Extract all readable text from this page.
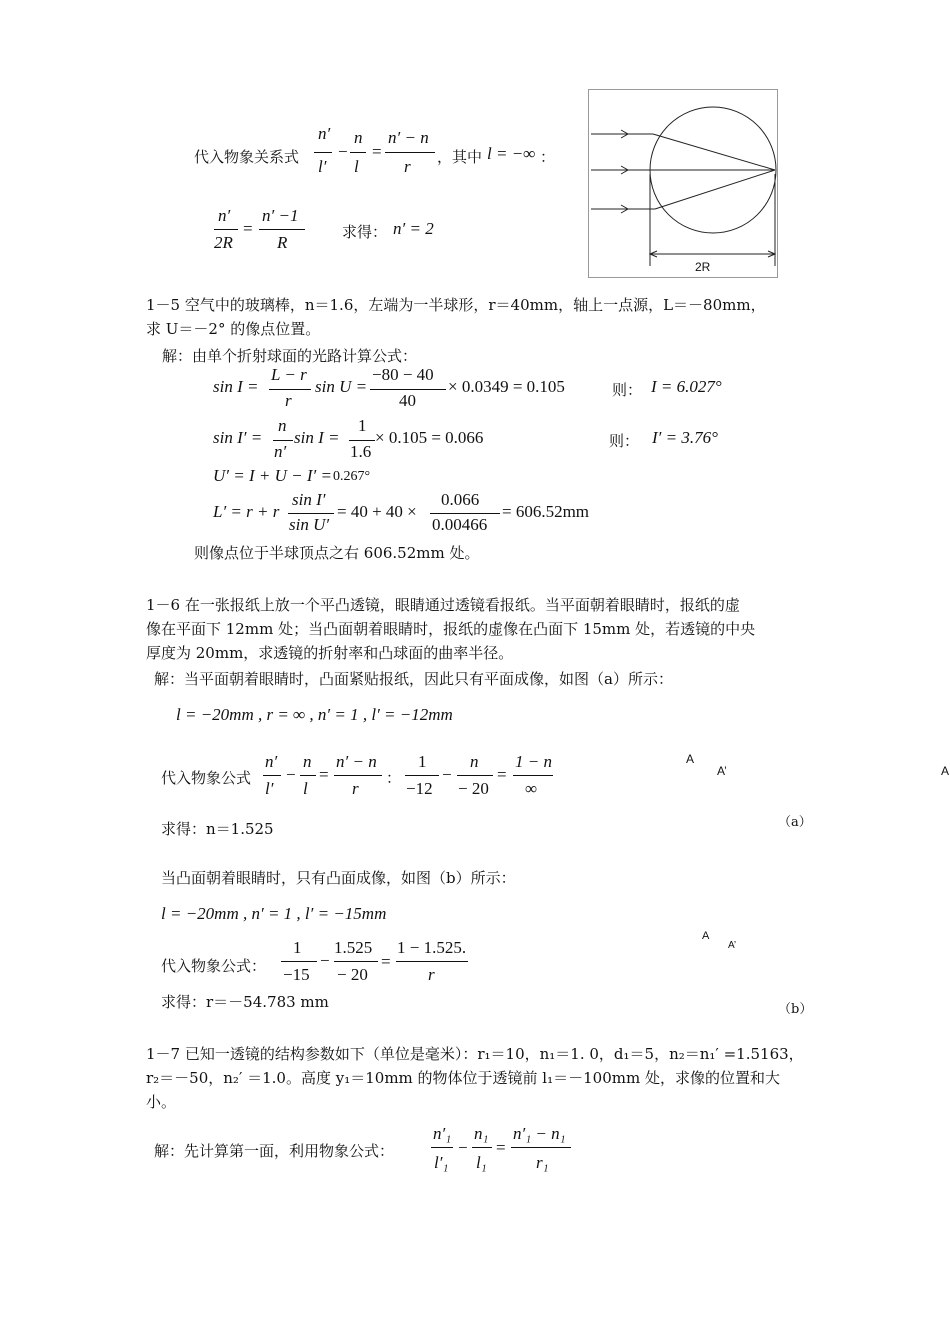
代入物象关系式
n′
l′
−
n
l
=
n′ − n
r ，其中 l = −∞ ：
n′
2R
=
n′ −1
R
求得： n′ = 2
2R
1－5 空气中的玻璃棒，n＝1.6，左端为一半球形，r＝40mm，轴上一点源，L＝－80mm，
求 U＝－2° 的像点位置。
解：由单个折射球面的光路计算公式：
sin I =
L − r
r
sin U =
−80 − 40
40
× 0.0349 = 0.105	则： I = 6.027°
sin I′ =
n
n′
sin I =
1
1.6
× 0.105 = 0.066	则： I′ = 3.76°
U′ = I + U − I′ = 0.267°
L′ = r + r
sin I′
sin U′
= 40 + 40 ×
0.066
0.00466
= 606.52mm
则像点位于半球顶点之右 606.52mm 处。
1－6 在一张报纸上放一个平凸透镜，眼睛通过透镜看报纸。当平面朝着眼睛时，报纸的虚
像在平面下 12mm 处；当凸面朝着眼睛时，报纸的虚像在凸面下 15mm 处，若透镜的中央
厚度为 20mm，求透镜的折射率和凸球面的曲率半径。
解：当平面朝着眼睛时，凸面紧贴报纸，因此只有平面成像，如图（a）所示：
l = −20mm , r = ∞ , n′ = 1 , l′ = −12mm
代入物象公式
n′
l′
−
n
l
=
n′ − n
r
：
1
−12
−
n
− 20
=
1 − n
∞
A
A’	A
求得：n＝1.525	（a）
当凸面朝着眼睛时，只有凸面成像，如图（b）所示：
l = −20mm , n′ = 1 , l′ = −15mm
代入物象公式：
1
−15
−
1.525
− 20
=
1 − 1.525.
r
A
A’
求得：r＝－54.783 mm	（b）
1－7 已知一透镜的结构参数如下（单位是毫米）：r₁＝10，n₁＝1. 0，d₁＝5，n₂＝n₁′ =1.5163，
r₂＝－50，n₂′ ＝1.0。高度 y₁＝10mm 的物体位于透镜前 l₁＝－100mm 处，求像的位置和大
小。
解：先计算第一面，利用物象公式：
n′₁
l′₁
−
n₁
l₁
=
n′₁ − n₁
r₁
